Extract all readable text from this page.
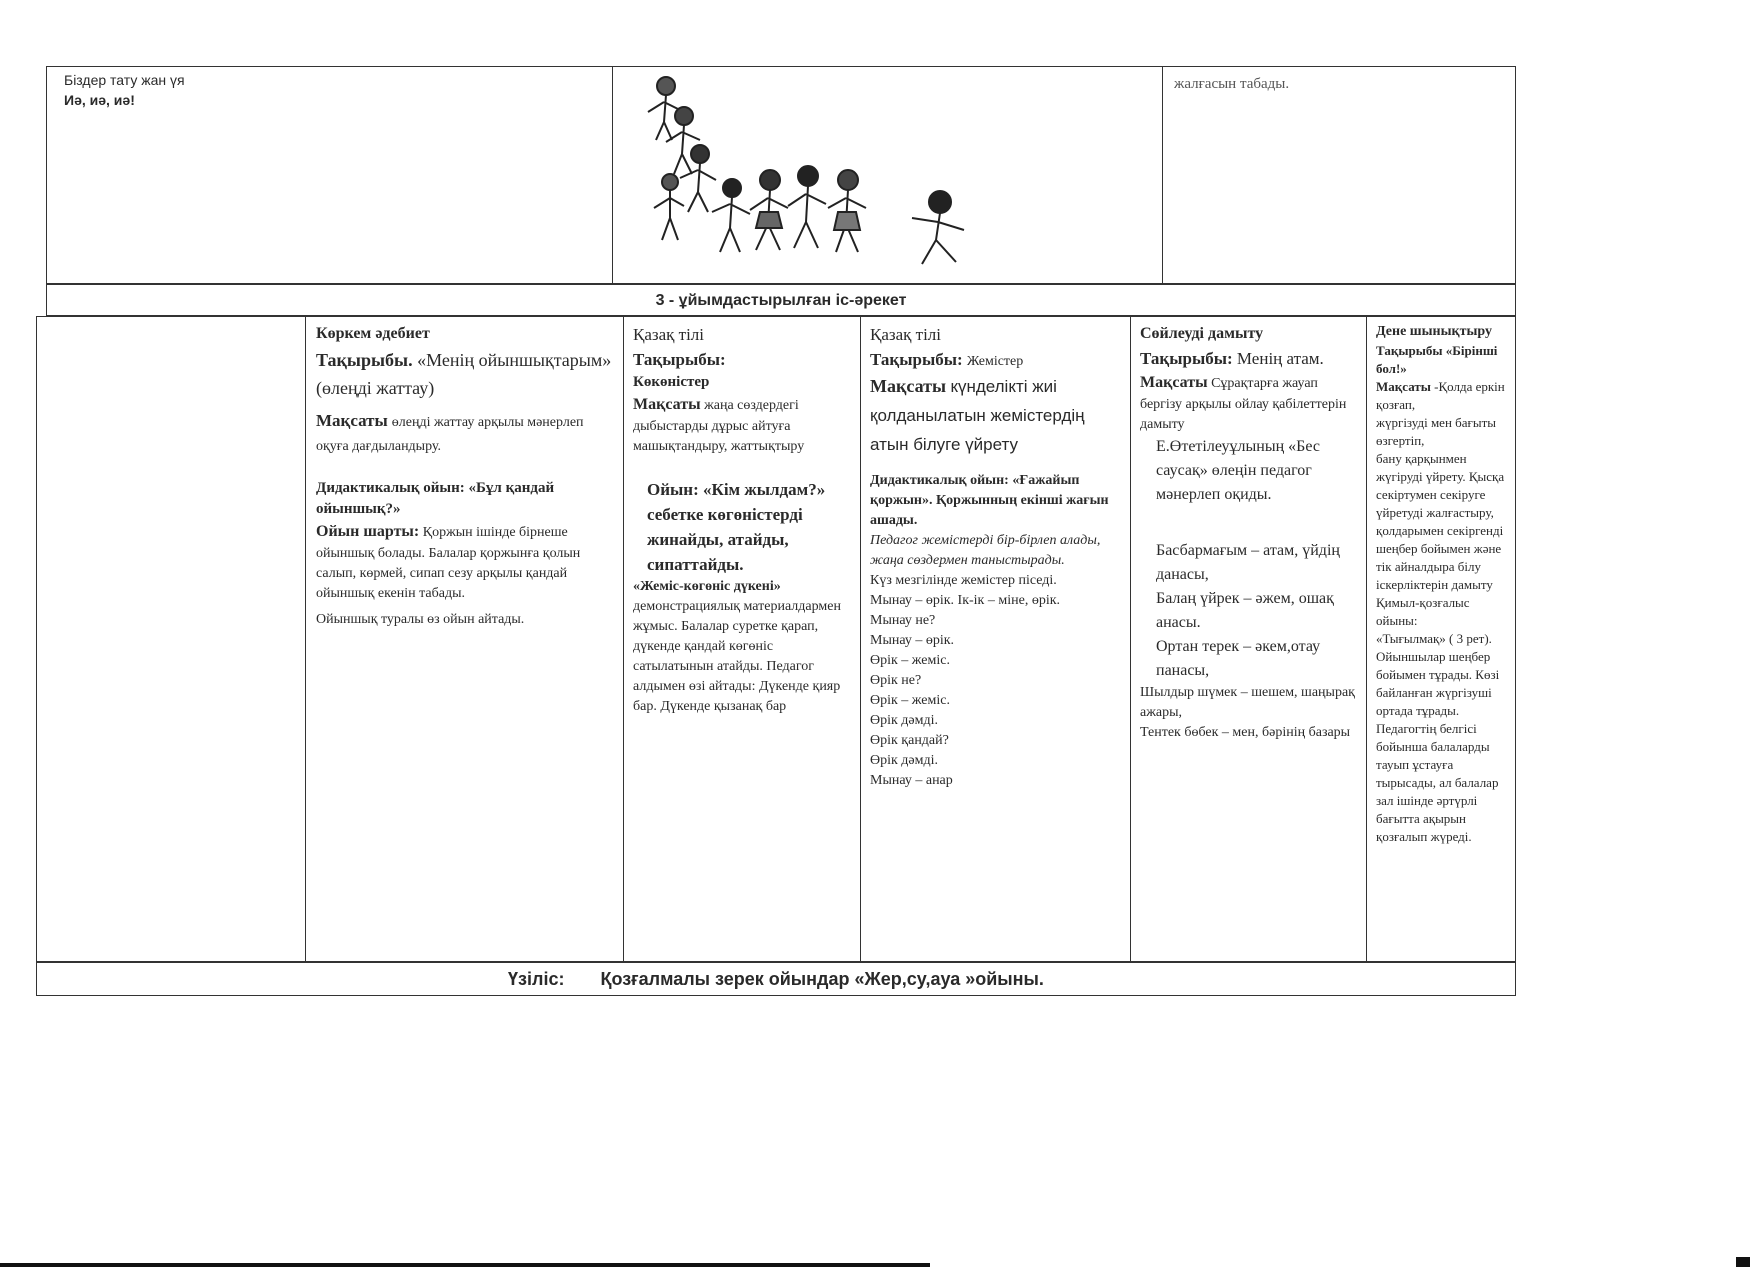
Біздер тату жан үя

Иә, иә, иә!

жалғасын табады.

3 - ұйымдастырылған іс-әрекет

Көркем әдебиет

Тақырыбы. «Менің ойыншықтарым» (өлеңді жаттау)

Мақсаты өлеңді жаттау арқылы мәнерлеп оқуға дағдыландыру.

Дидактикалық ойын: «Бұл қандай ойыншық?»

Ойын шарты: Қоржын ішінде бірнеше ойыншық болады. Балалар қоржынға қолын салып, көрмей, сипап сезу арқылы қандай ойыншық екенін табады.

Ойыншық туралы өз ойын айтады.

Қазақ тілі

Тақырыбы:

Көкөністер

Мақсаты жаңа сөздердегі дыбыстарды дұрыс айтуға машықтандыру, жаттықтыру

Ойын: «Кім жылдам?» себетке көгөністерді жинайды, атайды, сипаттайды.

«Жеміс-көгөніс дүкені»

демонстрациялық материалдармен жұмыс. Балалар суретке қарап, дүкенде қандай көгөніс сатылатынын атайды. Педагог алдымен өзі айтады: Дүкенде қияр бар. Дүкенде қызанақ бар

Қазақ тілі

Тақырыбы: Жемістер

Мақсаты күнделікті жиі қолданылатын жемістердің атын білуге үйрету

Дидактикалық ойын: «Ғажайып қоржын». Қоржынның екінші жағын ашады.

Педагог жемістерді бір-бірлеп алады, жаңа сөздермен таныстырады.

Күз мезгілінде жемістер піседі.

Мынау – өрік. Ік-ік – міне, өрік.

Мынау не?

Мынау – өрік.

Өрік – жеміс.

Өрік не?

Өрік – жеміс.

Өрік дәмді.

Өрік қандай?

Өрік дәмді.

Мынау – анар

Сөйлеуді дамыту

Тақырыбы: Менің атам.

Мақсаты Сұрақтарға жауап бергізу арқылы ойлау қабілеттерін дамыту

Е.Өтетілеуұлының «Бес саусақ» өлеңін педагог мәнерлеп оқиды.

Басбармағым – атам, үйдің данасы,

Балаң үйрек – әжем, ошақ анасы.

Ортан терек – әкем,отау панасы,

Шылдыр шүмек – шешем, шаңырақ ажары,

Тентек бөбек – мен, бәрінің базары

Дене шынықтыру

Тақырыбы «Бірінші бол!»

Мақсаты -Қолда еркін қозғап,

жүргізуді мен бағыты өзгертіп,

бану қарқынмен

жүгіруді үйрету. Қысқа секіртумен секіруге үйретуді жалғастыру, қолдарымен секіргенді шеңбер бойымен және тік айналдыра білу іскерліктерін дамыту

Қимыл-қозғалыс ойыны:

«Тығылмақ» ( 3 рет).

Ойыншылар шеңбер бойымен тұрады. Көзі байланған жүргізуші ортада тұрады. Педагогтің белгісі бойынша балаларды тауып ұстауға тырысады, ал балалар зал ішінде әртүрлі бағытта ақырын қозғалып жүреді.

Үзіліс: Қозғалмалы зерек ойындар «Жер,су,ауа »ойыны.
